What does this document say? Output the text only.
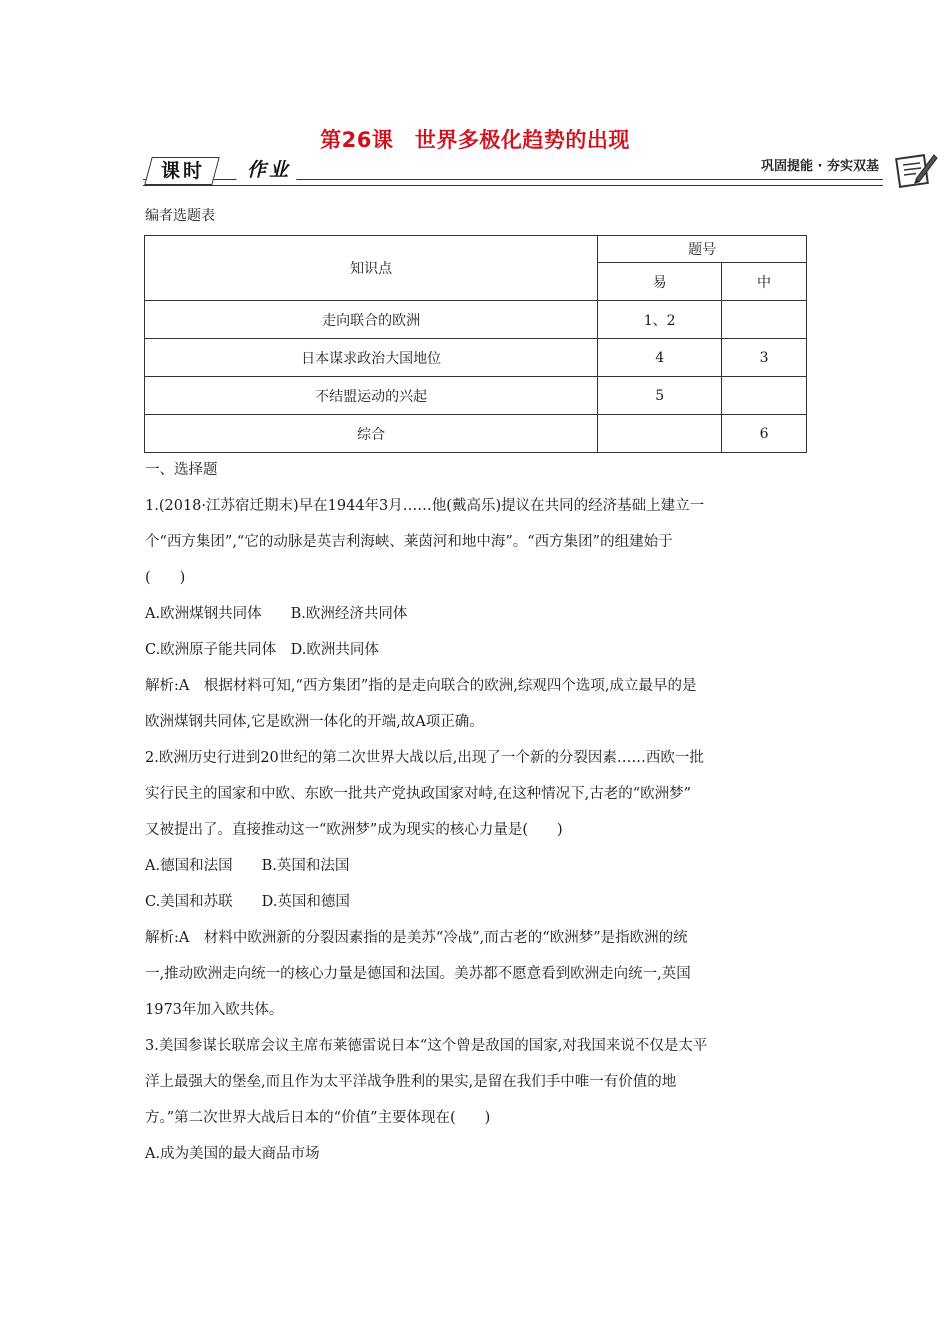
第26课　世界多极化趋势的出现
课时	作业	巩固提能 · 夯实双基
编者选题表
知识点	题号	
	易	中
走向联合的欧洲	1、2	
日本谋求政治大国地位	4	3
不结盟运动的兴起	5	
综合		6

一、选择题

1.(2018·江苏宿迁期末)早在1944年3月……他(戴高乐)提议在共同的经济基础上建立一

个“西方集团”,“它的动脉是英吉利海峡、莱茵河和地中海”。“西方集团”的组建始于

(　　)

A.欧洲煤钢共同体　　B.欧洲经济共同体

C.欧洲原子能共同体　D.欧洲共同体

解析:A　根据材料可知,“西方集团”指的是走向联合的欧洲,综观四个选项,成立最早的是

欧洲煤钢共同体,它是欧洲一体化的开端,故A项正确。

2.欧洲历史行进到20世纪的第二次世界大战以后,出现了一个新的分裂因素……西欧一批

实行民主的国家和中欧、东欧一批共产党执政国家对峙,在这种情况下,古老的“欧洲梦”

又被提出了。直接推动这一“欧洲梦”成为现实的核心力量是(　　)

A.德国和法国　　B.英国和法国

C.美国和苏联　　D.英国和德国

解析:A　材料中欧洲新的分裂因素指的是美苏“冷战”,而古老的“欧洲梦”是指欧洲的统

一,推动欧洲走向统一的核心力量是德国和法国。美苏都不愿意看到欧洲走向统一,英国

1973年加入欧共体。

3.美国参谋长联席会议主席布莱德雷说日本“这个曾是敌国的国家,对我国来说不仅是太平

洋上最强大的堡垒,而且作为太平洋战争胜利的果实,是留在我们手中唯一有价值的地

方。”第二次世界大战后日本的“价值”主要体现在(　　)

A.成为美国的最大商品市场
